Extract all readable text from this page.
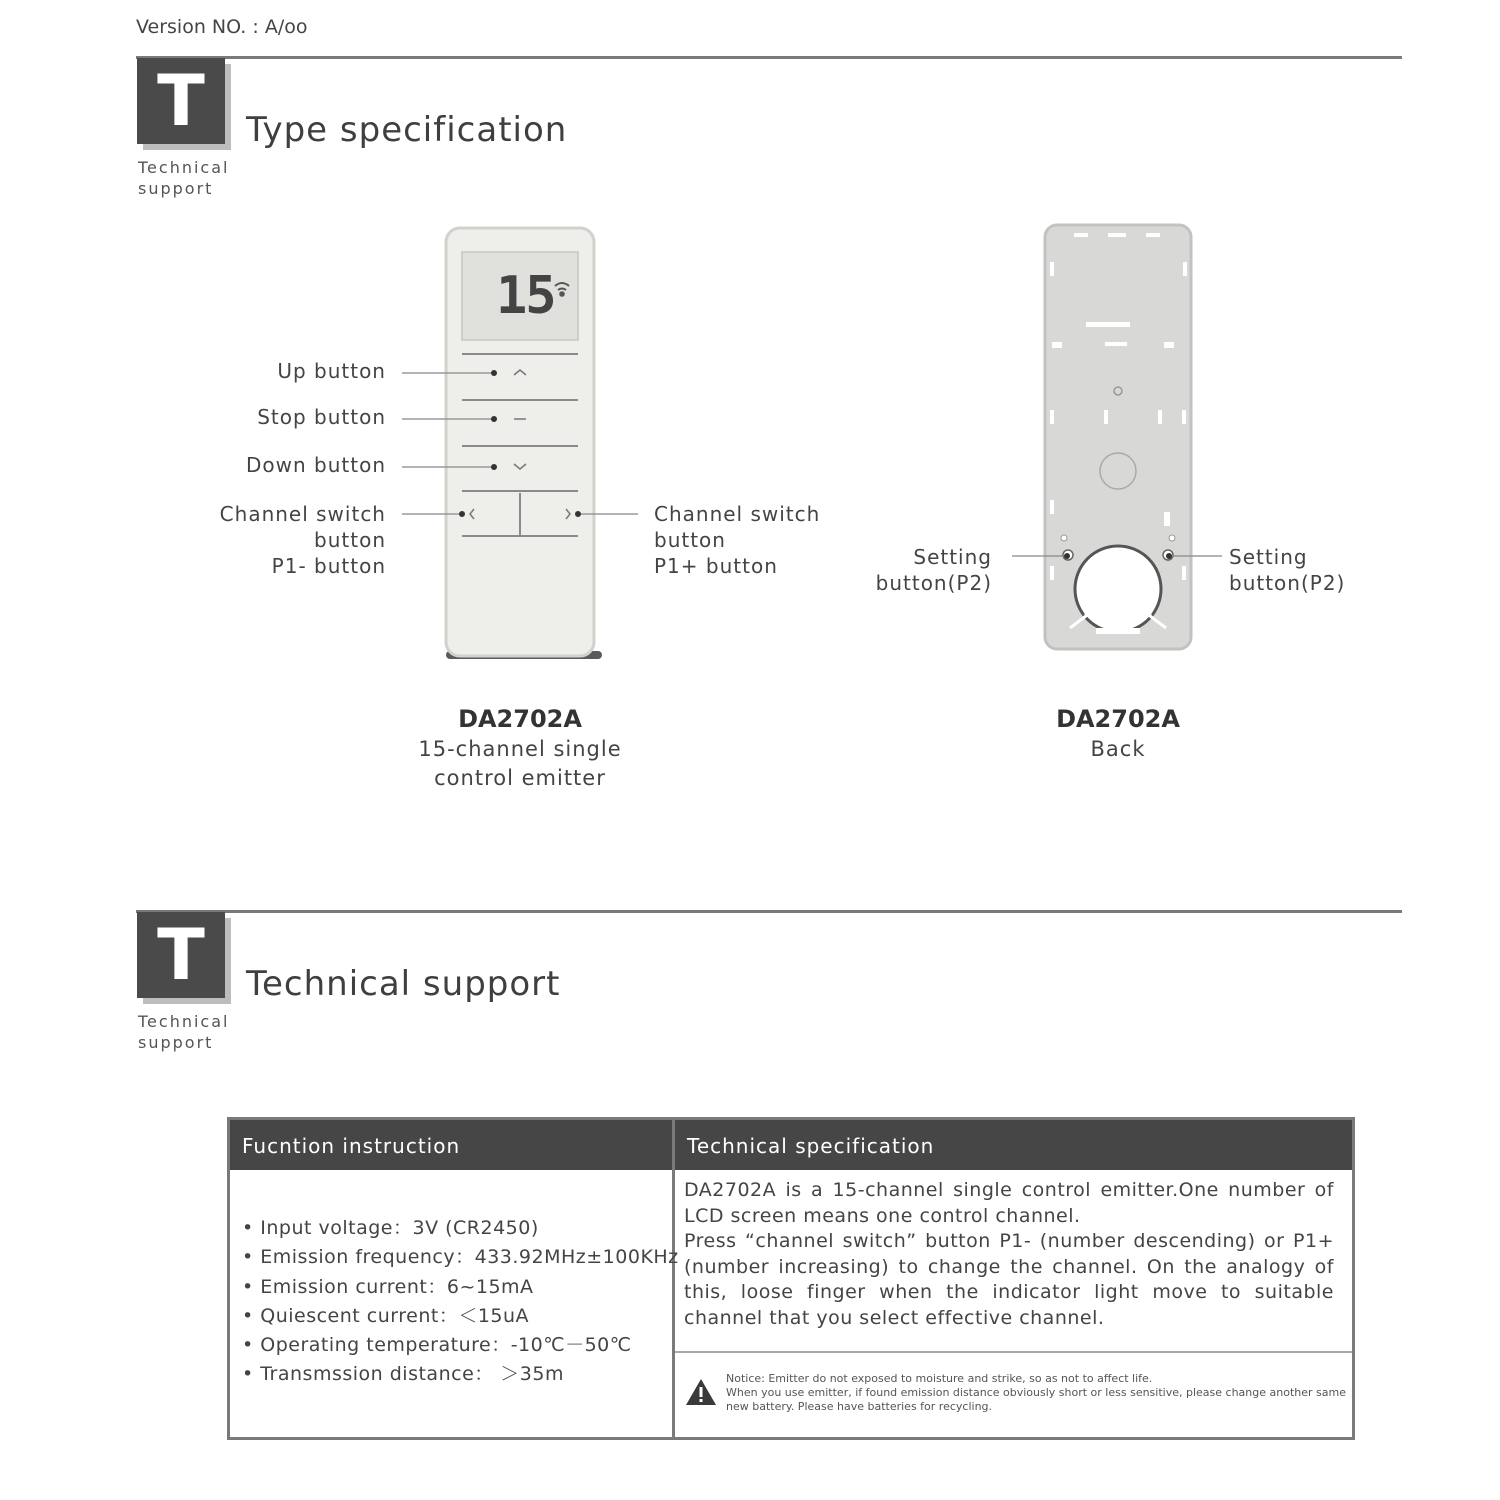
Version NO. : A/oo
T
Technical
support
Type specification
15
Up button
Stop button
Down button
Channel switch
button
P1- button
Channel switch
button
P1+ button
DA2702A
15-channel single
control emitter
Setting
button(P2)
Setting
button(P2)
DA2702A
Back
T
Technical
support
Technical support
Fucntion instruction	Technical specification
• Input voltage：3V (CR2450)
• Emission frequency：433.92MHz±100KHz
• Emission current：6~15mA
• Quiescent current：＜15uA
• Operating temperature：-10℃－50℃
• Transmssion distance： ＞35m

DA2702A is a 15-channel single control emitter.One number of LCD screen means one control channel.

Press “channel switch” button P1- (number descending) or P1+ (number increasing) to change the channel. On the analogy of this, loose finger when the indicator light move to suitable channel that you select effective channel.

Notice: Emitter do not exposed to moisture and strike, so as not to affect life.
When you use emitter, if found emission distance obviously short or less sensitive, please change another same new battery. Please have batteries for recycling.
